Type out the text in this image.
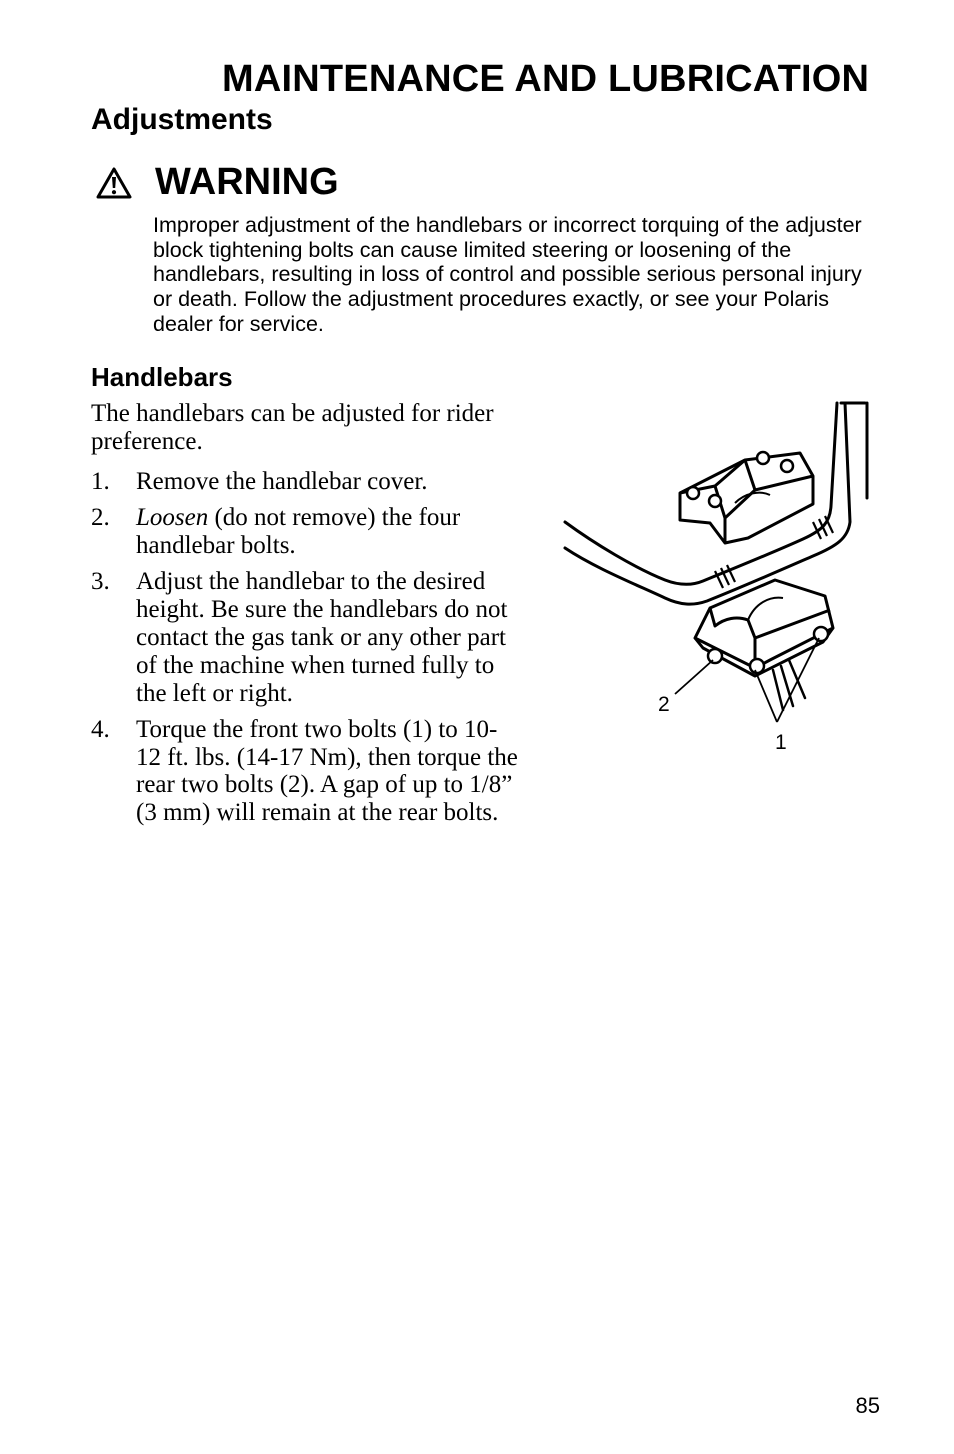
MAINTENANCE AND LUBRICATION
Adjustments
WARNING
Improper adjustment of the handlebars or incorrect torquing of the adjuster block tightening bolts can cause limited steering or loosening of the handlebars, resulting in loss of control and possible serious personal injury or death. Follow the adjustment procedures exactly, or see your Polaris dealer for service.
Handlebars
The handlebars can be adjusted for rider preference.
1.	Remove the handlebar cover.
2.	Loosen (do not remove) the four handlebar bolts.
3.	Adjust the handlebar to the desired height. Be sure the handlebars do not contact the gas tank or any other part of the machine when turned fully to the left or right.
4.	Torque the front two bolts (1) to 10-12 ft. lbs. (14-17 Nm), then torque the rear two bolts (2). A gap of up to 1/8” (3 mm) will remain at the rear bolts.
2
1
85
